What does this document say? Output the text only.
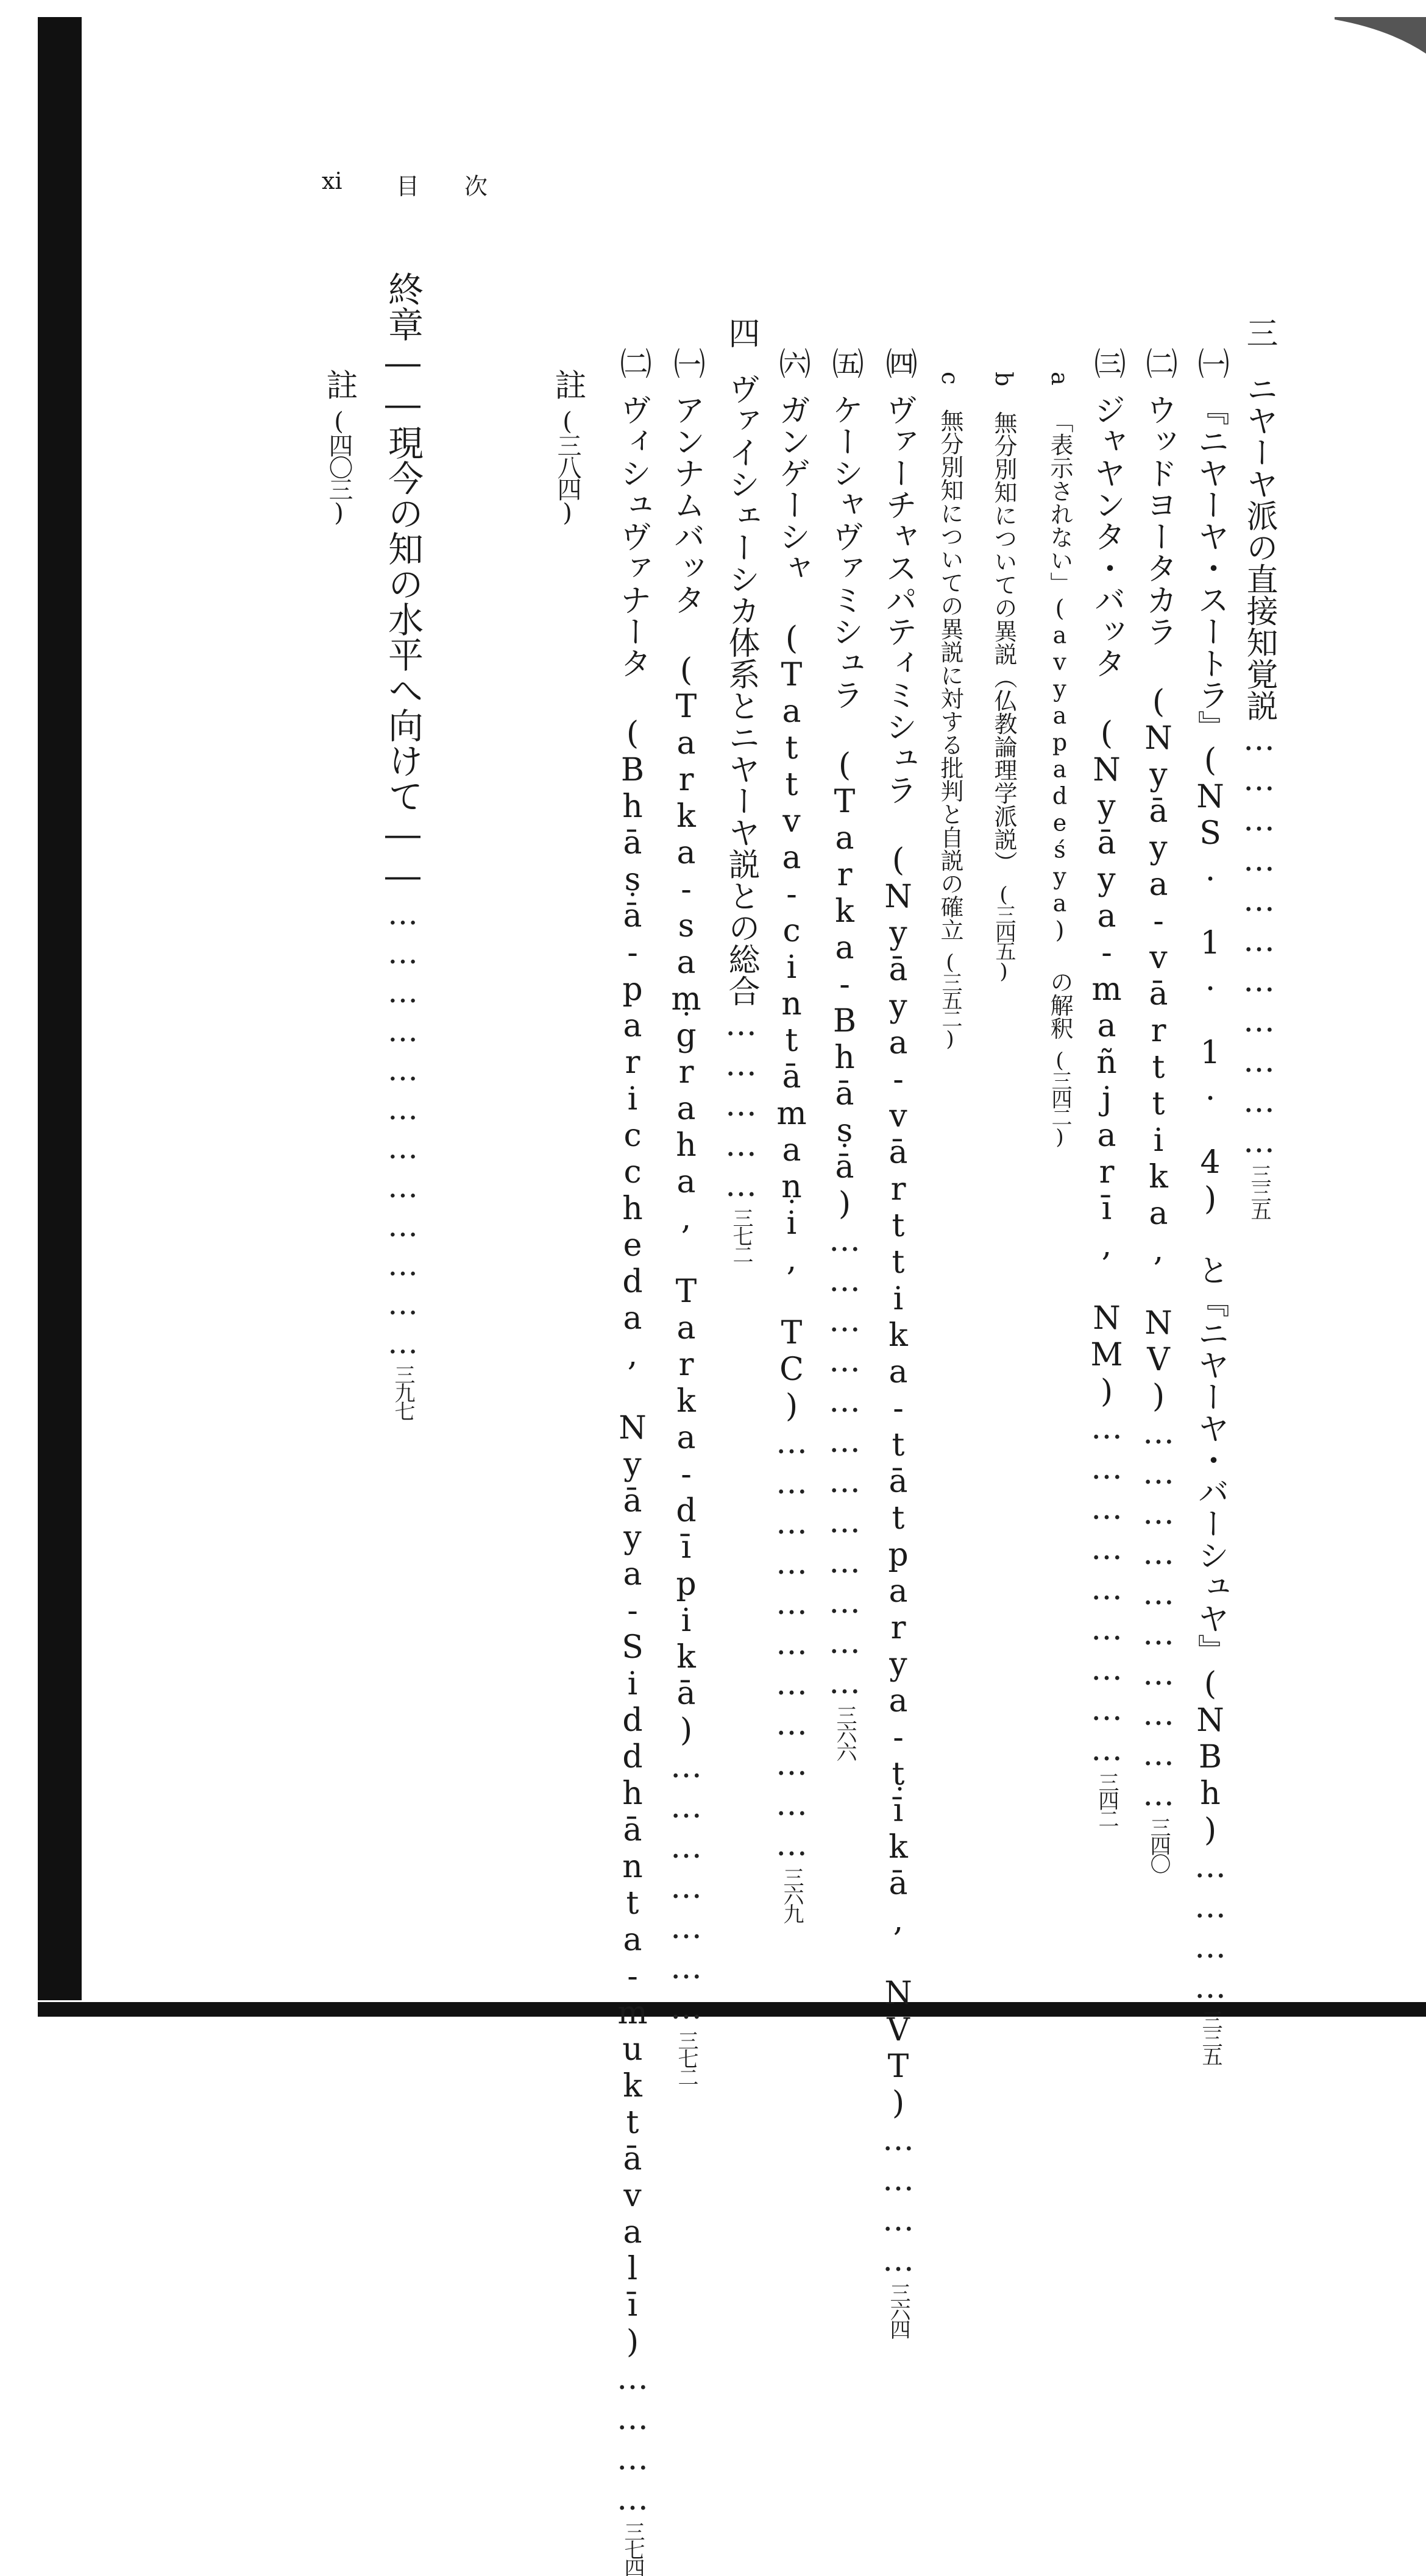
xi 目 次
三ニヤーヤ派の直接知覚説……………………………三三五
㈠『ニヤーヤ・スートラ』(NS. 1. 1. 4) と『ニヤーヤ・バーシュヤ』(NBh)…………三三五
㈡ウッドヨータカラ (Nyāya-vārttika, NV)…………………………三四〇
㈢ジャヤンタ・バッタ (Nyāya-mañjarī, NM)………………………三四二
a「表示されない」(avyapadeśya) の解釈(三四二)
b無分別知についての異説（仏教論理学派説）(三四五)
c無分別知についての異説に対する批判と自説の確立(三五二)
㈣ヴァーチャスパティミシュラ (Nyāya-vārttika-tātparya-ṭīkā, NVT)…………三六四
㈤ケーシャヴァミシュラ (Tarka-Bhāṣā)………………………………三六六
㈥ガンゲーシャ (Tattva-cintāmaṇi, TC)……………………………三六九
四ヴァイシェーシカ体系とニヤーヤ説との総合……………三七二
㈠アンナムバッタ (Tarka-saṃgraha, Tarka-dīpikā)…………………三七二
㈡ヴィシュヴァナータ (Bhāṣā-pariccheda, Nyāya-Siddhānta-muktāvalī)…………三七四
註(三八四)
終章――現今の知の水平へ向けて――………………………………三九七
註(四〇三)
